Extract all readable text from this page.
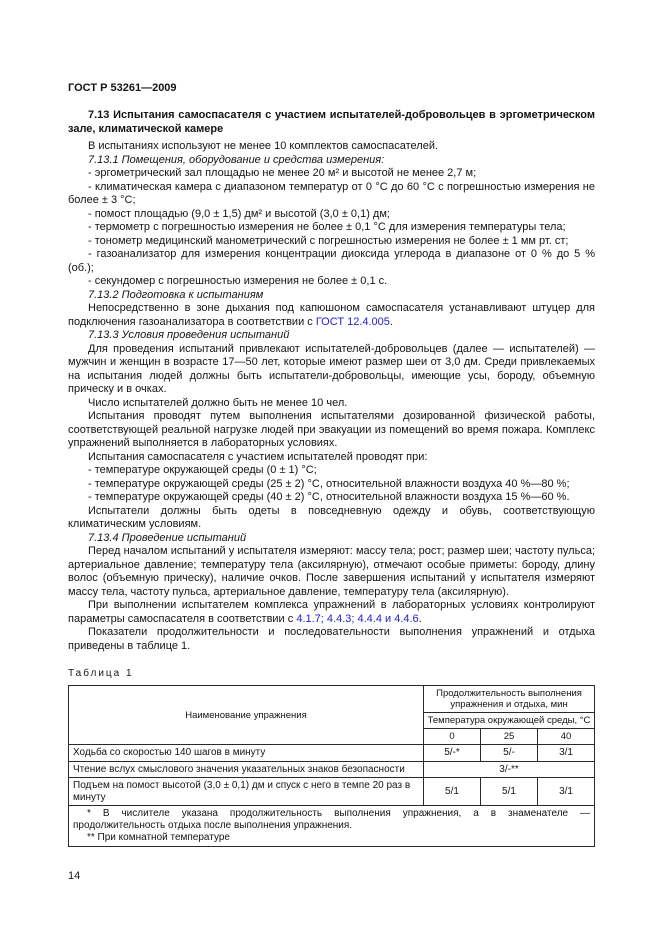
ГОСТ Р 53261—2009

7.13 Испытания самоспасателя с участием испытателей-добровольцев в эргометрическом зале, климатической камере

В испытаниях используют не менее 10 комплектов самоспасателей.

7.13.1 Помещения, оборудование и средства измерения:

- эргометрический зал площадью не менее 20 м² и высотой не менее 2,7 м;

- климатическая камера с диапазоном температур от 0 °С до 60 °С с погрешностью измерения не более ± 3 °С;

- помост площадью (9,0 ± 1,5) дм² и высотой (3,0 ± 0,1) дм;

- термометр с погрешностью измерения не более ± 0,1 °С для измерения температуры тела;

- тонометр медицинский манометрический с погрешностью измерения не более ± 1 мм рт. ст;

- газоанализатор для измерения концентрации диоксида углерода в диапазоне от 0 % до 5 % (об.);

- секундомер с погрешностью измерения не более ± 0,1 с.

7.13.2 Подготовка к испытаниям

Непосредственно в зоне дыхания под капюшоном самоспасателя устанавливают штуцер для подключения газоанализатора в соответствии с ГОСТ 12.4.005.

7.13.3 Условия проведения испытаний

Для проведения испытаний привлекают испытателей-добровольцев (далее — испытателей) — мужчин и женщин в возрасте 17—50 лет, которые имеют размер шеи от 3,0 дм. Среди привлекаемых на испытания людей должны быть испытатели-добровольцы, имеющие усы, бороду, объемную прическу и в очках.

Число испытателей должно быть не менее 10 чел.

Испытания проводят путем выполнения испытателями дозированной физической работы, соответствующей реальной нагрузке людей при эвакуации из помещений во время пожара. Комплекс упражнений выполняется в лабораторных условиях.

Испытания самоспасателя с участием испытателей проводят при:

- температуре окружающей среды (0 ± 1) °С;

- температуре окружающей среды (25 ± 2) °С, относительной влажности воздуха 40 %—80 %;

- температуре окружающей среды (40 ± 2) °С, относительной влажности воздуха 15 %—60 %.

Испытатели должны быть одеты в повседневную одежду и обувь, соответствующую климатическим условиям.

7.13.4 Проведение испытаний

Перед началом испытаний у испытателя измеряют: массу тела; рост; размер шеи; частоту пульса; артериальное давление; температуру тела (аксилярную), отмечают особые приметы: бороду, длину волос (объемную прическу), наличие очков. После завершения испытаний у испытателя измеряют массу тела, частоту пульса, артериальное давление, температуру тела (аксилярную).

При выполнении испытателем комплекса упражнений в лабораторных условиях контролируют параметры самоспасателя в соответствии с 4.1.7; 4.4.3; 4.4.4 и 4.4.6.

Показатели продолжительности и последовательности выполнения упражнений и отдыха приведены в таблице 1.

Таблица 1
Наименование упражнения	Продолжительность выполнения упражнения и отдыха, мин		
	Температура окружающей среды, °С		
	0	25	40
Ходьба со скоростью 140 шагов в минуту	5/-*	5/-	3/1
Чтение вслух смыслового значения указательных знаков безопасности	3/-**		
Подъем на помост высотой (3,0 ± 0,1) дм и спуск с него в темпе 20 раз в минуту	5/1	5/1	3/1

* В числителе указана продолжительность выполнения упражнения, а в знаменателе — продолжительность отдыха после выполнения упражнения.
** При комнатной температуре			
14
